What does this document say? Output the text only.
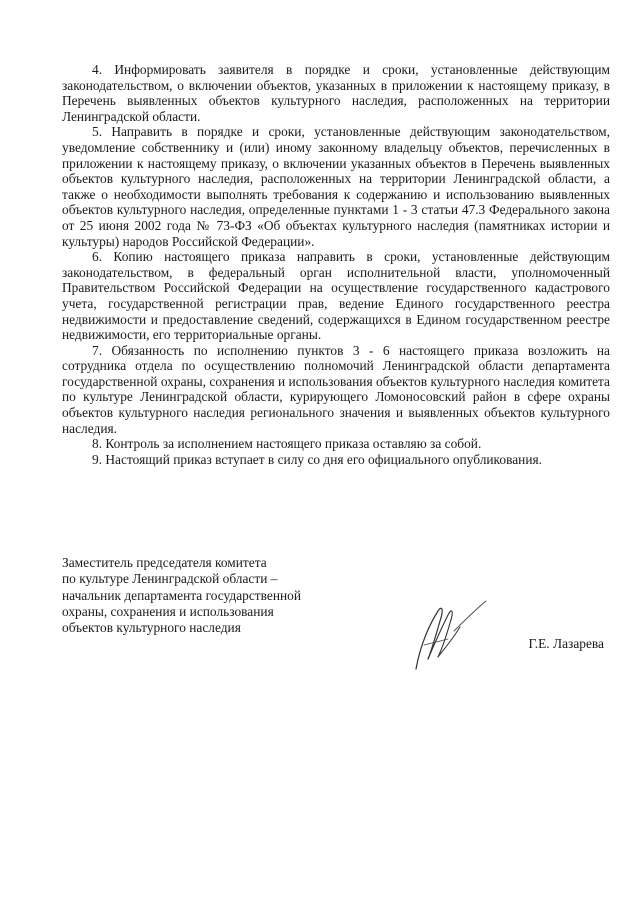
4. Информировать заявителя в порядке и сроки, установленные действующим законодательством, о включении объектов, указанных в приложении к настоящему приказу, в Перечень выявленных объектов культурного наследия, расположенных на территории Ленинградской области.

5. Направить в порядке и сроки, установленные действующим законодательством, уведомление собственнику и (или) иному законному владельцу объектов, перечисленных в приложении к настоящему приказу, о включении указанных объектов в Перечень выявленных объектов культурного наследия, расположенных на территории Ленинградской области, а также о необходимости выполнять требования к содержанию и использованию выявленных объектов культурного наследия, определенные пунктами 1 - 3 статьи 47.3 Федерального закона от 25 июня 2002 года № 73-ФЗ «Об объектах культурного наследия (памятниках истории и культуры) народов Российской Федерации».

6. Копию настоящего приказа направить в сроки, установленные действующим законодательством, в федеральный орган исполнительной власти, уполномоченный Правительством Российской Федерации на осуществление государственного кадастрового учета, государственной регистрации прав, ведение Единого государственного реестра недвижимости и предоставление сведений, содержащихся в Едином государственном реестре недвижимости, его территориальные органы.

7. Обязанность по исполнению пунктов 3 - 6 настоящего приказа возложить на сотрудника отдела по осуществлению полномочий Ленинградской области департамента государственной охраны, сохранения и использования объектов культурного наследия комитета по культуре Ленинградской области, курирующего Ломоносовский район в сфере охраны объектов культурного наследия регионального значения и выявленных объектов культурного наследия.

8. Контроль за исполнением настоящего приказа оставляю за собой.

9. Настоящий приказ вступает в силу со дня его официального опубликования.

Заместитель председателя комитета
по культуре Ленинградской области –
начальник департамента государственной
охраны, сохранения и использования
объектов культурного наследия
Г.Е. Лазарева
